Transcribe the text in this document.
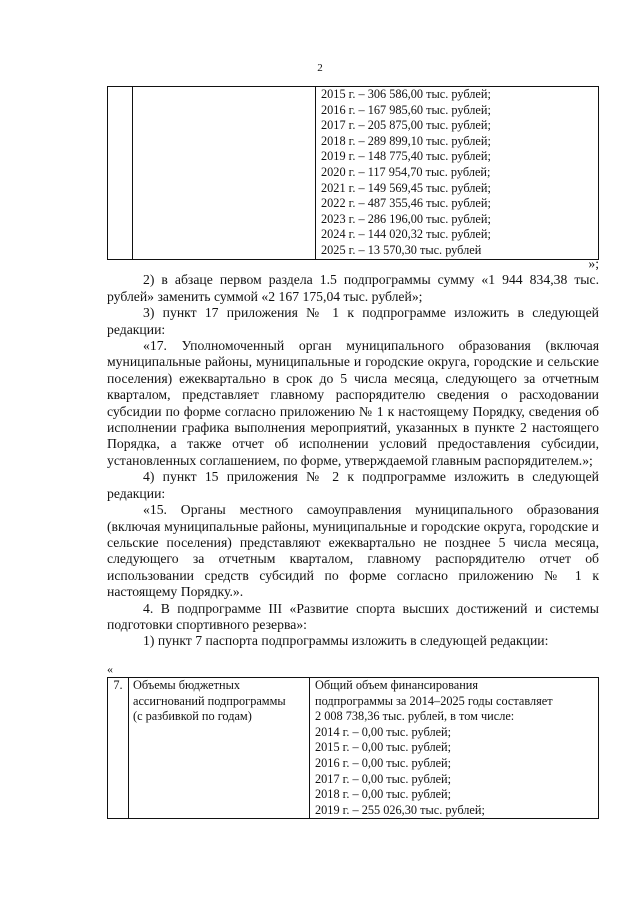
2

2015 г. – 306 586,00 тыс. рублей;
2016 г. – 167 985,60 тыс. рублей;
2017 г. – 205 875,00 тыс. рублей;
2018 г. – 289 899,10 тыс. рублей;
2019 г. – 148 775,40 тыс. рублей;
2020 г. – 117 954,70 тыс. рублей;
2021 г. – 149 569,45 тыс. рублей;
2022 г. – 487 355,46 тыс. рублей;
2023 г. – 286 196,00 тыс. рублей;
2024 г. – 144 020,32 тыс. рублей;
2025 г. – 13 570,30 тыс. рублей

»;

2) в абзаце первом раздела 1.5 подпрограммы сумму «1 944 834,38 тыс. рублей» заменить суммой «2 167 175,04 тыс. рублей»;

3) пункт 17 приложения № 1 к подпрограмме изложить в следующей редакции:

«17. Уполномоченный орган муниципального образования (включая муниципальные районы, муниципальные и городские округа, городские и сельские поселения) ежеквартально в срок до 5 числа месяца, следующего за отчетным кварталом, представляет главному распорядителю сведения о расходовании субсидии по форме согласно приложению № 1 к настоящему Порядку, сведения об исполнении графика выполнения мероприятий, указанных в пункте 2 настоящего Порядка, а также отчет об исполнении условий предоставления субсидии, установленных соглашением, по форме, утверждаемой главным распорядителем.»;

4) пункт 15 приложения № 2 к подпрограмме изложить в следующей редакции:

«15. Органы местного самоуправления муниципального образования (включая муниципальные районы, муниципальные и городские округа, городские и сельские поселения) представляют ежеквартально не позднее 5 числа месяца, следующего за отчетным кварталом, главному распорядителю отчет об использовании средств субсидий по форме согласно приложению № 1 к настоящему Порядку.».

4. В подпрограмме III «Развитие спорта высших достижений и системы подготовки спортивного резерва»:

1) пункт 7 паспорта подпрограммы изложить в следующей редакции:

«
7.	Объемы бюджетных
ассигнований подпрограммы
(с разбивкой по годам)

Общий объем финансирования
подпрограммы за 2014–2025 годы составляет
2 008 738,36 тыс. рублей, в том числе:
2014 г. – 0,00 тыс. рублей;
2015 г. – 0,00 тыс. рублей;
2016 г. – 0,00 тыс. рублей;
2017 г. – 0,00 тыс. рублей;
2018 г. – 0,00 тыс. рублей;
2019 г. – 255 026,30 тыс. рублей;
